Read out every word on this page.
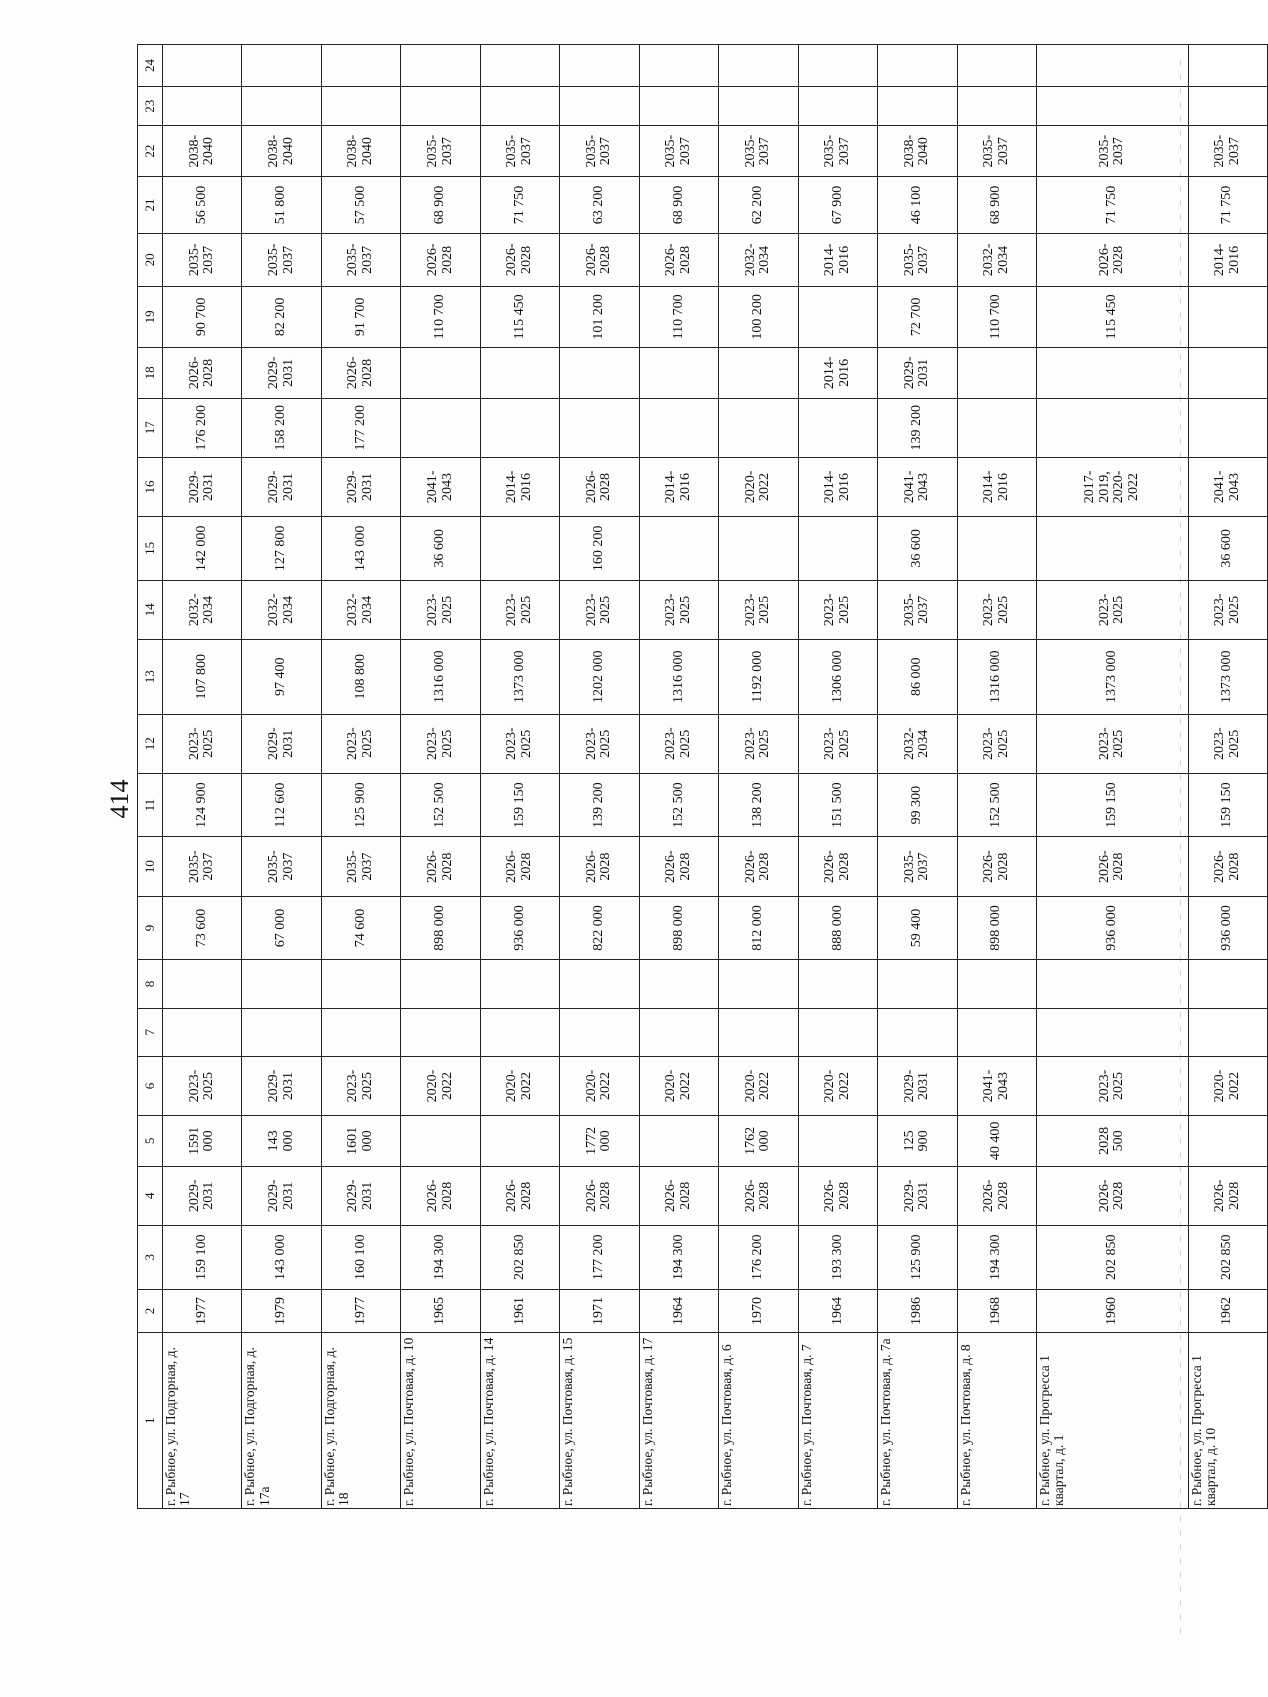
414
1	2	3	4	5	6	7	8	9	10	11	12	13	14	15	16	17	18	19	20	21	22	23	24
г. Рыбное, ул. Подгорная, д. 17	1977	159 100	2029-2031	1591 000	2023-2025			73 600	2035-2037	124 900	2023-2025	107 800	2032-2034	142 000	2029-2031	176 200	2026-2028	90 700	2035-2037	56 500	2038-2040		
г. Рыбное, ул. Подгорная, д. 17а	1979	143 000	2029-2031	143 000	2029-2031			67 000	2035-2037	112 600	2029-2031	97 400	2032-2034	127 800	2029-2031	158 200	2029-2031	82 200	2035-2037	51 800	2038-2040		
г. Рыбное, ул. Подгорная, д. 18	1977	160 100	2029-2031	1601 000	2023-2025			74 600	2035-2037	125 900	2023-2025	108 800	2032-2034	143 000	2029-2031	177 200	2026-2028	91 700	2035-2037	57 500	2038-2040		
г. Рыбное, ул. Почтовая, д. 10	1965	194 300	2026-2028		2020-2022			898 000	2026-2028	152 500	2023-2025	1316 000	2023-2025	36 600	2041-2043			110 700	2026-2028	68 900	2035-2037		
г. Рыбное, ул. Почтовая, д. 14	1961	202 850	2026-2028		2020-2022			936 000	2026-2028	159 150	2023-2025	1373 000	2023-2025		2014-2016			115 450	2026-2028	71 750	2035-2037		
г. Рыбное, ул. Почтовая, д. 15	1971	177 200	2026-2028	1772 000	2020-2022			822 000	2026-2028	139 200	2023-2025	1202 000	2023-2025	160 200	2026-2028			101 200	2026-2028	63 200	2035-2037		
г. Рыбное, ул. Почтовая, д. 17	1964	194 300	2026-2028		2020-2022			898 000	2026-2028	152 500	2023-2025	1316 000	2023-2025		2014-2016			110 700	2026-2028	68 900	2035-2037		
г. Рыбное, ул. Почтовая, д. 6	1970	176 200	2026-2028	1762 000	2020-2022			812 000	2026-2028	138 200	2023-2025	1192 000	2023-2025		2020-2022			100 200	2032-2034	62 200	2035-2037		
г. Рыбное, ул. Почтовая, д. 7	1964	193 300	2026-2028		2020-2022			888 000	2026-2028	151 500	2023-2025	1306 000	2023-2025		2014-2016		2014-2016		2014-2016	67 900	2035-2037		
г. Рыбное, ул. Почтовая, д. 7а	1986	125 900	2029-2031	125 900	2029-2031			59 400	2035-2037	99 300	2032-2034	86 000	2035-2037	36 600	2041-2043	139 200	2029-2031	72 700	2035-2037	46 100	2038-2040		
г. Рыбное, ул. Почтовая, д. 8	1968	194 300	2026-2028	40 400	2041-2043			898 000	2026-2028	152 500	2023-2025	1316 000	2023-2025		2014-2016			110 700	2032-2034	68 900	2035-2037		
г. Рыбное, ул. Прогресса 1 квартал, д. 1	1960	202 850	2026-2028	2028 500	2023-2025			936 000	2026-2028	159 150	2023-2025	1373 000	2023-2025		2017-2019, 2020-2022			115 450	2026-2028	71 750	2035-2037		
г. Рыбное, ул. Прогресса 1 квартал, д. 10	1962	202 850	2026-2028		2020-2022			936 000	2026-2028	159 150	2023-2025	1373 000	2023-2025	36 600	2041-2043				2014-2016	71 750	2035-2037		
